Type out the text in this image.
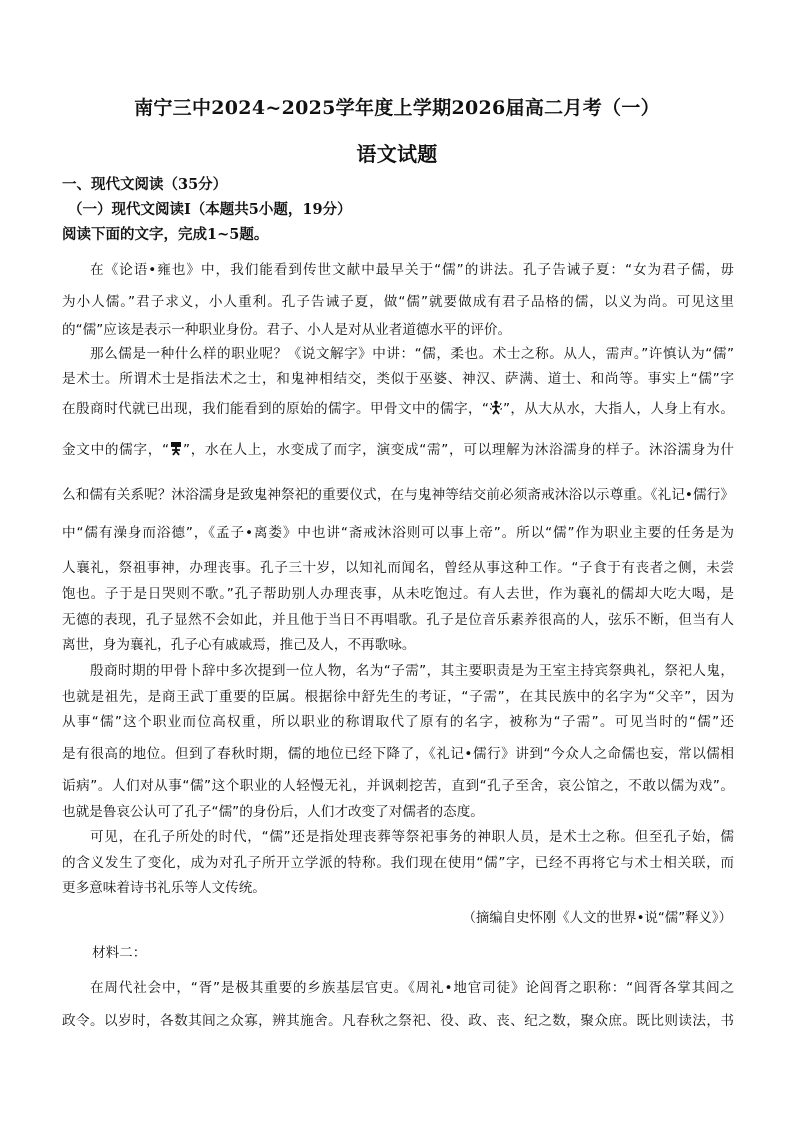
南宁三中2024~2025学年度上学期2026届高二月考（一）
语文试题
一、现代文阅读（35分）
（一）现代文阅读Ⅰ（本题共5小题，19分）
阅读下面的文字，完成1~5题。
在《论语•雍也》中，我们能看到传世文献中最早关于“儒”的讲法。孔子告诫子夏：“女为君子儒，毋
为小人儒。”君子求义，小人重利。孔子告诫子夏，做“儒”就要做成有君子品格的儒，以义为尚。可见这里
的“儒”应该是表示一种职业身份。君子、小人是对从业者道德水平的评价。
那么儒是一种什么样的职业呢？《说文解字》中讲：“儒，柔也。术士之称。从人，需声。”许慎认为“儒”
是术士。所谓术士是指法术之士，和鬼神相结交，类似于巫婆、神汉、萨满、道士、和尚等。事实上“儒”字
在殷商时代就已出现，我们能看到的原始的儒字。甲骨文中的儒字，“ ”，从大从水，大指人，人身上有水。
金文中的儒字，“ ”，水在人上，水变成了而字，演变成“需”，可以理解为沐浴濡身的样子。沐浴濡身为什
么和儒有关系呢？沐浴濡身是致鬼神祭祀的重要仪式，在与鬼神等结交前必须斋戒沐浴以示尊重。《礼记•儒行》
中“儒有澡身而浴德”，《孟子•离娄》中也讲“斋戒沐浴则可以事上帝”。所以“儒”作为职业主要的任务是为
人襄礼，祭祖事神，办理丧事。孔子三十岁，以知礼而闻名，曾经从事这种工作。“子食于有丧者之侧，未尝
饱也。子于是日哭则不歌。”孔子帮助别人办理丧事，从未吃饱过。有人去世，作为襄礼的儒却大吃大喝，是
无德的表现，孔子显然不会如此，并且他于当日不再唱歌。孔子是位音乐素养很高的人，弦乐不断，但当有人
离世，身为襄礼，孔子心有戚戚焉，推己及人，不再歌咏。
殷商时期的甲骨卜辞中多次提到一位人物，名为“子需”，其主要职责是为王室主持宾祭典礼，祭祀人鬼，
也就是祖先，是商王武丁重要的臣属。根据徐中舒先生的考证，“子需”，在其民族中的名字为“父辛”，因为
从事“儒”这个职业而位高权重，所以职业的称谓取代了原有的名字，被称为“子需”。可见当时的“儒”还
是有很高的地位。但到了春秋时期，儒的地位已经下降了，《礼记•儒行》讲到“今众人之命儒也妄，常以儒相
诟病”。人们对从事“儒”这个职业的人轻慢无礼，并讽刺挖苦，直到“孔子至舍，哀公馆之，不敢以儒为戏”。
也就是鲁哀公认可了孔子“儒”的身份后，人们才改变了对儒者的态度。
可见，在孔子所处的时代，“儒”还是指处理丧葬等祭祀事务的神职人员，是术士之称。但至孔子始，儒
的含义发生了变化，成为对孔子所开立学派的特称。我们现在使用“儒”字，已经不再将它与术士相关联，而
更多意味着诗书礼乐等人文传统。
（摘编自史怀刚《人文的世界•说“儒”释义》）
材料二：
在周代社会中，“胥”是极其重要的乡族基层官吏。《周礼•地官司徒》论闾胥之职称：“闾胥各掌其闾之
政令。以岁时，各数其闾之众寡，辨其施舍。凡春秋之祭祀、役、政、丧、纪之数，聚众庶。既比则读法，书
